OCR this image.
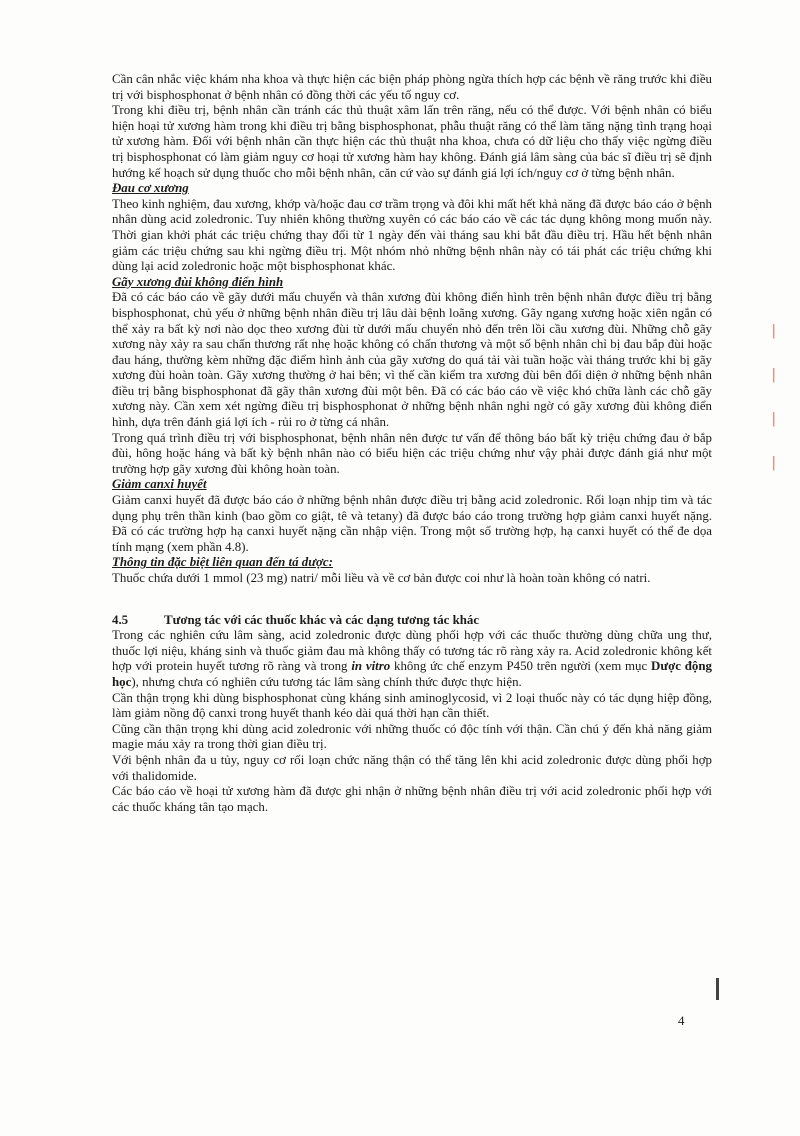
Cần cân nhắc việc khám nha khoa và thực hiện các biện pháp phòng ngừa thích hợp các bệnh về răng trước khi điều trị với bisphosphonat ở bệnh nhân có đồng thời các yếu tố nguy cơ.

Trong khi điều trị, bệnh nhân cần tránh các thủ thuật xâm lấn trên răng, nếu có thể được. Với bệnh nhân có biểu hiện hoại tử xương hàm trong khi điều trị bằng bisphosphonat, phẫu thuật răng có thể làm tăng nặng tình trạng hoại tử xương hàm. Đối với bệnh nhân cần thực hiện các thủ thuật nha khoa, chưa có dữ liệu cho thấy việc ngừng điều trị bisphosphonat có làm giảm nguy cơ hoại tử xương hàm hay không. Đánh giá lâm sàng của bác sĩ điều trị sẽ định hướng kế hoạch sử dụng thuốc cho mỗi bệnh nhân, căn cứ vào sự đánh giá lợi ích/nguy cơ ở từng bệnh nhân.

Đau cơ xương

Theo kinh nghiệm, đau xương, khớp và/hoặc đau cơ trầm trọng và đôi khi mất hết khả năng đã được báo cáo ở bệnh nhân dùng acid zoledronic. Tuy nhiên không thường xuyên có các báo cáo về các tác dụng không mong muốn này. Thời gian khởi phát các triệu chứng thay đổi từ 1 ngày đến vài tháng sau khi bắt đầu điều trị. Hầu hết bệnh nhân giảm các triệu chứng sau khi ngừng điều trị. Một nhóm nhỏ những bệnh nhân này có tái phát các triệu chứng khi dùng lại acid zoledronic hoặc một bisphosphonat khác.

Gãy xương đùi không điển hình

Đã có các báo cáo về gãy dưới mấu chuyển và thân xương đùi không điển hình trên bệnh nhân được điều trị bằng bisphosphonat, chủ yếu ở những bệnh nhân điều trị lâu dài bệnh loãng xương. Gãy ngang xương hoặc xiên ngắn có thể xảy ra bất kỳ nơi nào dọc theo xương đùi từ dưới mấu chuyển nhỏ đến trên lồi cầu xương đùi. Những chỗ gãy xương này xảy ra sau chấn thương rất nhẹ hoặc không có chấn thương và một số bệnh nhân chỉ bị đau bắp đùi hoặc đau háng, thường kèm những đặc điểm hình ảnh của gãy xương do quá tải vài tuần hoặc vài tháng trước khi bị gãy xương đùi hoàn toàn. Gãy xương thường ở hai bên; vì thế cần kiểm tra xương đùi bên đối diện ở những bệnh nhân điều trị bằng bisphosphonat đã gãy thân xương đùi một bên. Đã có các báo cáo về việc khó chữa lành các chỗ gãy xương này. Cần xem xét ngừng điều trị bisphosphonat ở những bệnh nhân nghi ngờ có gãy xương đùi không điển hình, dựa trên đánh giá lợi ích - rủi ro ở từng cá nhân.

Trong quá trình điều trị với bisphosphonat, bệnh nhân nên được tư vấn để thông báo bất kỳ triệu chứng đau ở bắp đùi, hông hoặc háng và bất kỳ bệnh nhân nào có biểu hiện các triệu chứng như vậy phải được đánh giá như một trường hợp gãy xương đùi không hoàn toàn.

Giảm canxi huyết

Giảm canxi huyết đã được báo cáo ở những bệnh nhân được điều trị bằng acid zoledronic. Rối loạn nhịp tim và tác dụng phụ trên thần kinh (bao gồm co giật, tê và tetany) đã được báo cáo trong trường hợp giảm canxi huyết nặng. Đã có các trường hợp hạ canxi huyết nặng cần nhập viện. Trong một số trường hợp, hạ canxi huyết có thể đe dọa tính mạng (xem phần 4.8).

Thông tin đặc biệt liên quan đến tá dược:

Thuốc chứa dưới 1 mmol (23 mg) natri/ mỗi liều và về cơ bản được coi như là hoàn toàn không có natri.

4.5	Tương tác với các thuốc khác và các dạng tương tác khác

Trong các nghiên cứu lâm sàng, acid zoledronic được dùng phối hợp với các thuốc thường dùng chữa ung thư, thuốc lợi niệu, kháng sinh và thuốc giảm đau mà không thấy có tương tác rõ ràng xảy ra. Acid zoledronic không kết hợp với protein huyết tương rõ ràng và trong in vitro không ức chế enzym P450 trên người (xem mục Dược động học), nhưng chưa có nghiên cứu tương tác lâm sàng chính thức được thực hiện.

Cần thận trọng khi dùng bisphosphonat cùng kháng sinh aminoglycosid, vì 2 loại thuốc này có tác dụng hiệp đồng, làm giảm nồng độ canxi trong huyết thanh kéo dài quá thời hạn cần thiết.

Cũng cần thận trọng khi dùng acid zoledronic với những thuốc có độc tính với thận. Cần chú ý đến khả năng giảm magie máu xảy ra trong thời gian điều trị.

Với bệnh nhân đa u tủy, nguy cơ rối loạn chức năng thận có thể tăng lên khi acid zoledronic được dùng phối hợp với thalidomide.

Các báo cáo về hoại tử xương hàm đã được ghi nhận ở những bệnh nhân điều trị với acid zoledronic phối hợp với các thuốc kháng tân tạo mạch.

|
|
|
|
4
